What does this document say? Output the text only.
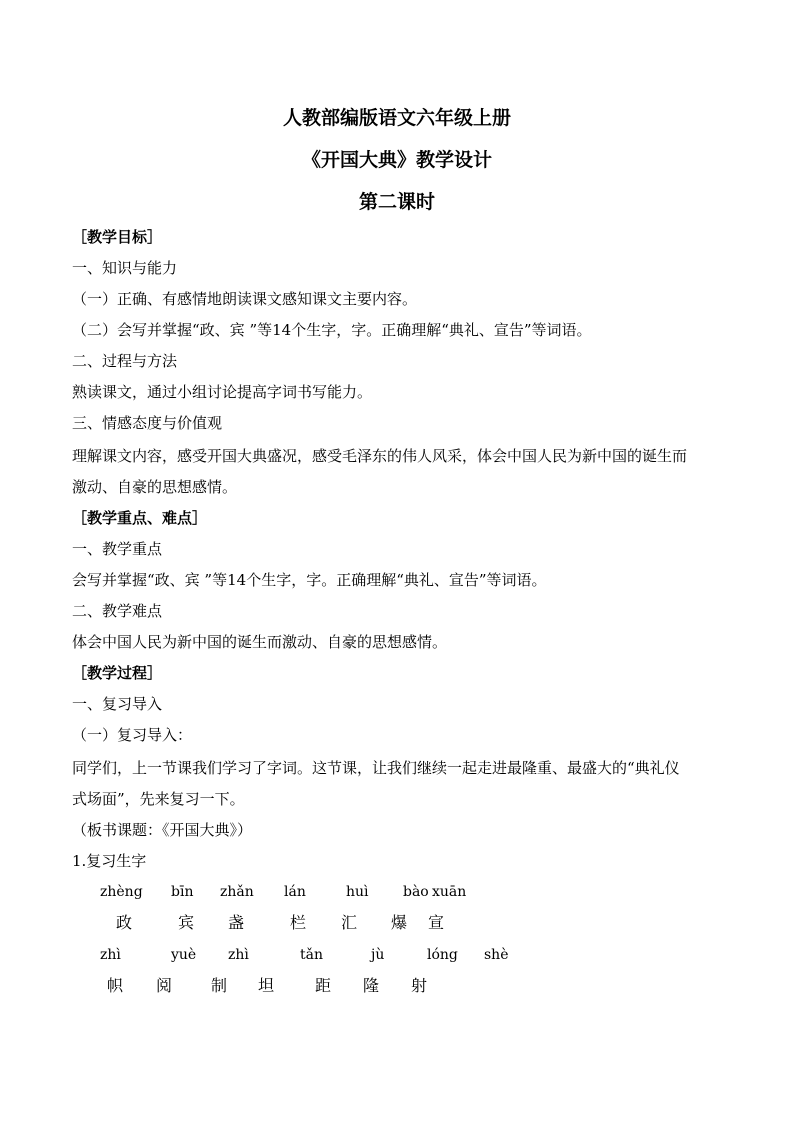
人教部编版语文六年级上册
《开国大典》教学设计
第二课时
［教学目标］
一、知识与能力
（一）正确、有感情地朗读课文感知课文主要内容。
（二）会写并掌握“政、宾 ”等14个生字，字。正确理解“典礼、宣告”等词语。
二、过程与方法
熟读课文，通过小组讨论提高字词书写能力。
三、情感态度与价值观
理解课文内容，感受开国大典盛况，感受毛泽东的伟人风采，体会中国人民为新中国的诞生而
激动、自豪的思想感情。
［教学重点、难点］
一、教学重点
会写并掌握“政、宾 ”等14个生字，字。正确理解“典礼、宣告”等词语。
二、教学难点
体会中国人民为新中国的诞生而激动、自豪的思想感情。
［教学过程］
一、复习导入
（一）复习导入：
同学们，上一节课我们学习了字词。这节课，让我们继续一起走进最隆重、最盛大的“典礼仪
式场面”，先来复习一下。
（板书课题：《开国大典》）
1.复习生字
zhèng bīn zhǎn lán	huì bào xuān
政	宾 盏	栏 汇 爆 宣
zhì	yuè zhì	tǎn	jù	lóng shè
帜 阅 制 坦	距 隆 射
